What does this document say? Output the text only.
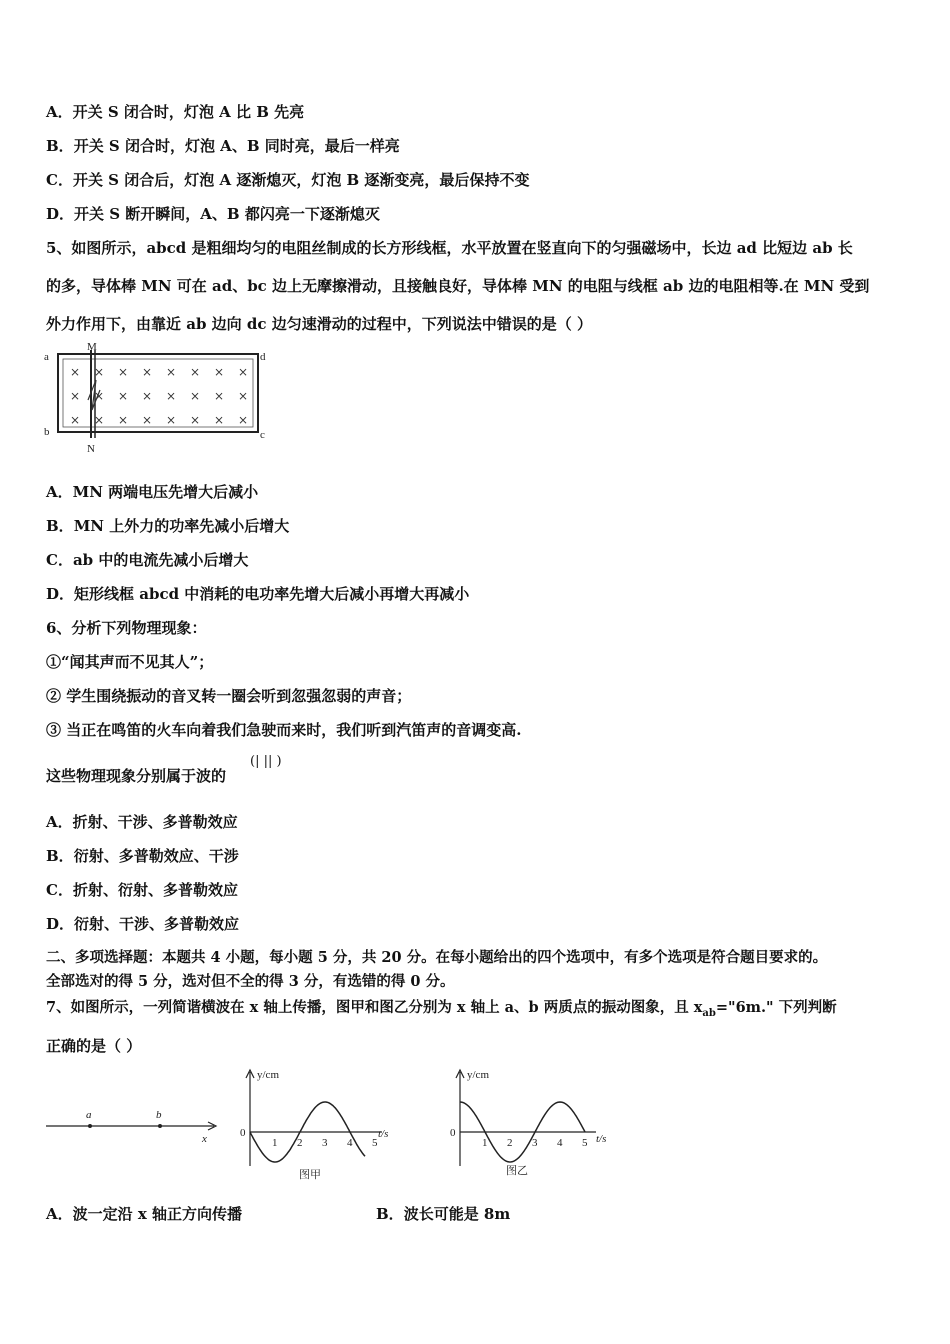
A．开关 S 闭合时，灯泡 A 比 B 先亮
B．开关 S 闭合时，灯泡 A、B 同时亮，最后一样亮
C．开关 S 闭合后，灯泡 A 逐渐熄灭，灯泡 B 逐渐变亮，最后保持不变
D．开关 S 断开瞬间，A、B 都闪亮一下逐渐熄灭
5、如图所示，abcd 是粗细均匀的电阻丝制成的长方形线框，水平放置在竖直向下的匀强磁场中，长边 ad 比短边 ab 长
的多，导体棒 MN 可在 ad、bc 边上无摩擦滑动，且接触良好，导体棒 MN 的电阻与线框 ab 边的电阻相等.在 MN 受到
外力作用下，由靠近 ab 边向 dc 边匀速滑动的过程中，下列说法中错误的是（ ）
a
b	c
d
M
N
× × × × × × × ×
× × × × × × × ×
× × × × × × × ×
A．MN 两端电压先增大后减小
B．MN 上外力的功率先减小后增大
C．ab 中的电流先减小后增大
D．矩形线框 abcd 中消耗的电功率先增大后减小再增大再减小
6、分析下列物理现象：
①“闻其声而不见其人”；
② 学生围绕振动的音叉转一圈会听到忽强忽弱的声音；
③ 当正在鸣笛的火车向着我们急驶而来时，我们听到汽笛声的音调变高.
这些物理现象分别属于波的
(| || )
A．折射、干涉、多普勒效应
B．衍射、多普勒效应、干涉
C．折射、衍射、多普勒效应
D．衍射、干涉、多普勒效应
二、多项选择题：本题共 4 小题，每小题 5 分，共 20 分。在每小题给出的四个选项中，有多个选项是符合题目要求的。
全部选对的得 5 分，选对但不全的得 3 分，有选错的得 0 分。
7、如图所示，一列简谐横波在 x 轴上传播，图甲和图乙分别为 x 轴上 a、b 两质点的振动图象，且 $x_{ab}="6m$." 下列判断
正确的是（ ）
a	b
x
y/cm
t/s
0
1 2 3 4 5
图甲
y/cm
t/s
0
1 2 3 4 5
图乙
A．波一定沿 x 轴正方向传播	B．波长可能是 8m
